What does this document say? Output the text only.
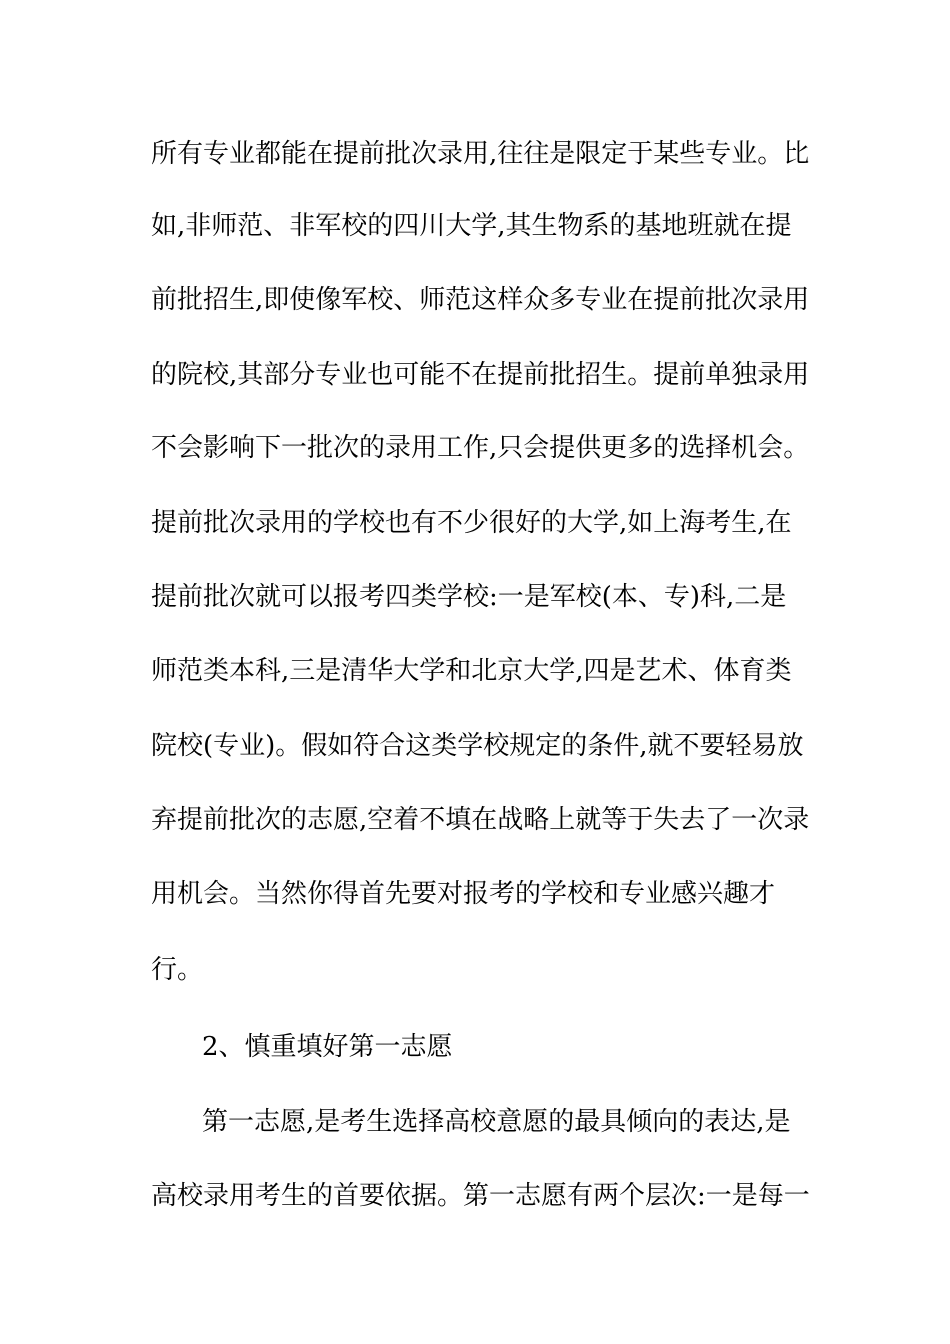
所有专业都能在提前批次录用,往往是限定于某些专业。比
如,非师范、非军校的四川大学,其生物系的基地班就在提
前批招生,即使像军校、师范这样众多专业在提前批次录用
的院校,其部分专业也可能不在提前批招生。提前单独录用
不会影响下一批次的录用工作,只会提供更多的选择机会。
提前批次录用的学校也有不少很好的大学,如上海考生,在
提前批次就可以报考四类学校:一是军校(本、专)科,二是
师范类本科,三是清华大学和北京大学,四是艺术、体育类
院校(专业)。假如符合这类学校规定的条件,就不要轻易放
弃提前批次的志愿,空着不填在战略上就等于失去了一次录
用机会。当然你得首先要对报考的学校和专业感兴趣才
行。
2、慎重填好第一志愿
第一志愿,是考生选择高校意愿的最具倾向的表达,是
高校录用考生的首要依据。第一志愿有两个层次:一是每一
